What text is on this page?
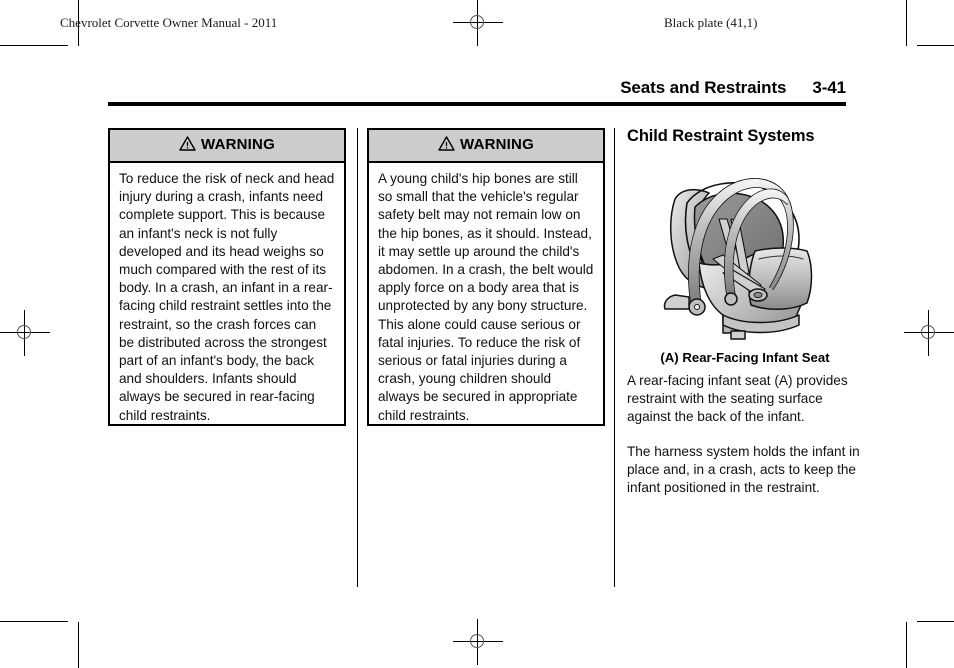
Chevrolet Corvette Owner Manual - 2011	Black plate (41,1)
Seats and Restraints 3-41
WARNING
To reduce the risk of neck and head injury during a crash, infants need complete support. This is because an infant's neck is not fully developed and its head weighs so much compared with the rest of its body. In a crash, an infant in a rear-facing child restraint settles into the restraint, so the crash forces can be distributed across the strongest part of an infant's body, the back and shoulders. Infants should always be secured in rear-facing child restraints.
WARNING
A young child's hip bones are still so small that the vehicle's regular safety belt may not remain low on the hip bones, as it should. Instead, it may settle up around the child's abdomen. In a crash, the belt would apply force on a body area that is unprotected by any bony structure. This alone could cause serious or fatal injuries. To reduce the risk of serious or fatal injuries during a crash, young children should always be secured in appropriate child restraints.
Child Restraint Systems
(A) Rear-Facing Infant Seat
A rear-facing infant seat (A) provides restraint with the seating surface against the back of the infant.
The harness system holds the infant in place and, in a crash, acts to keep the infant positioned in the restraint.
